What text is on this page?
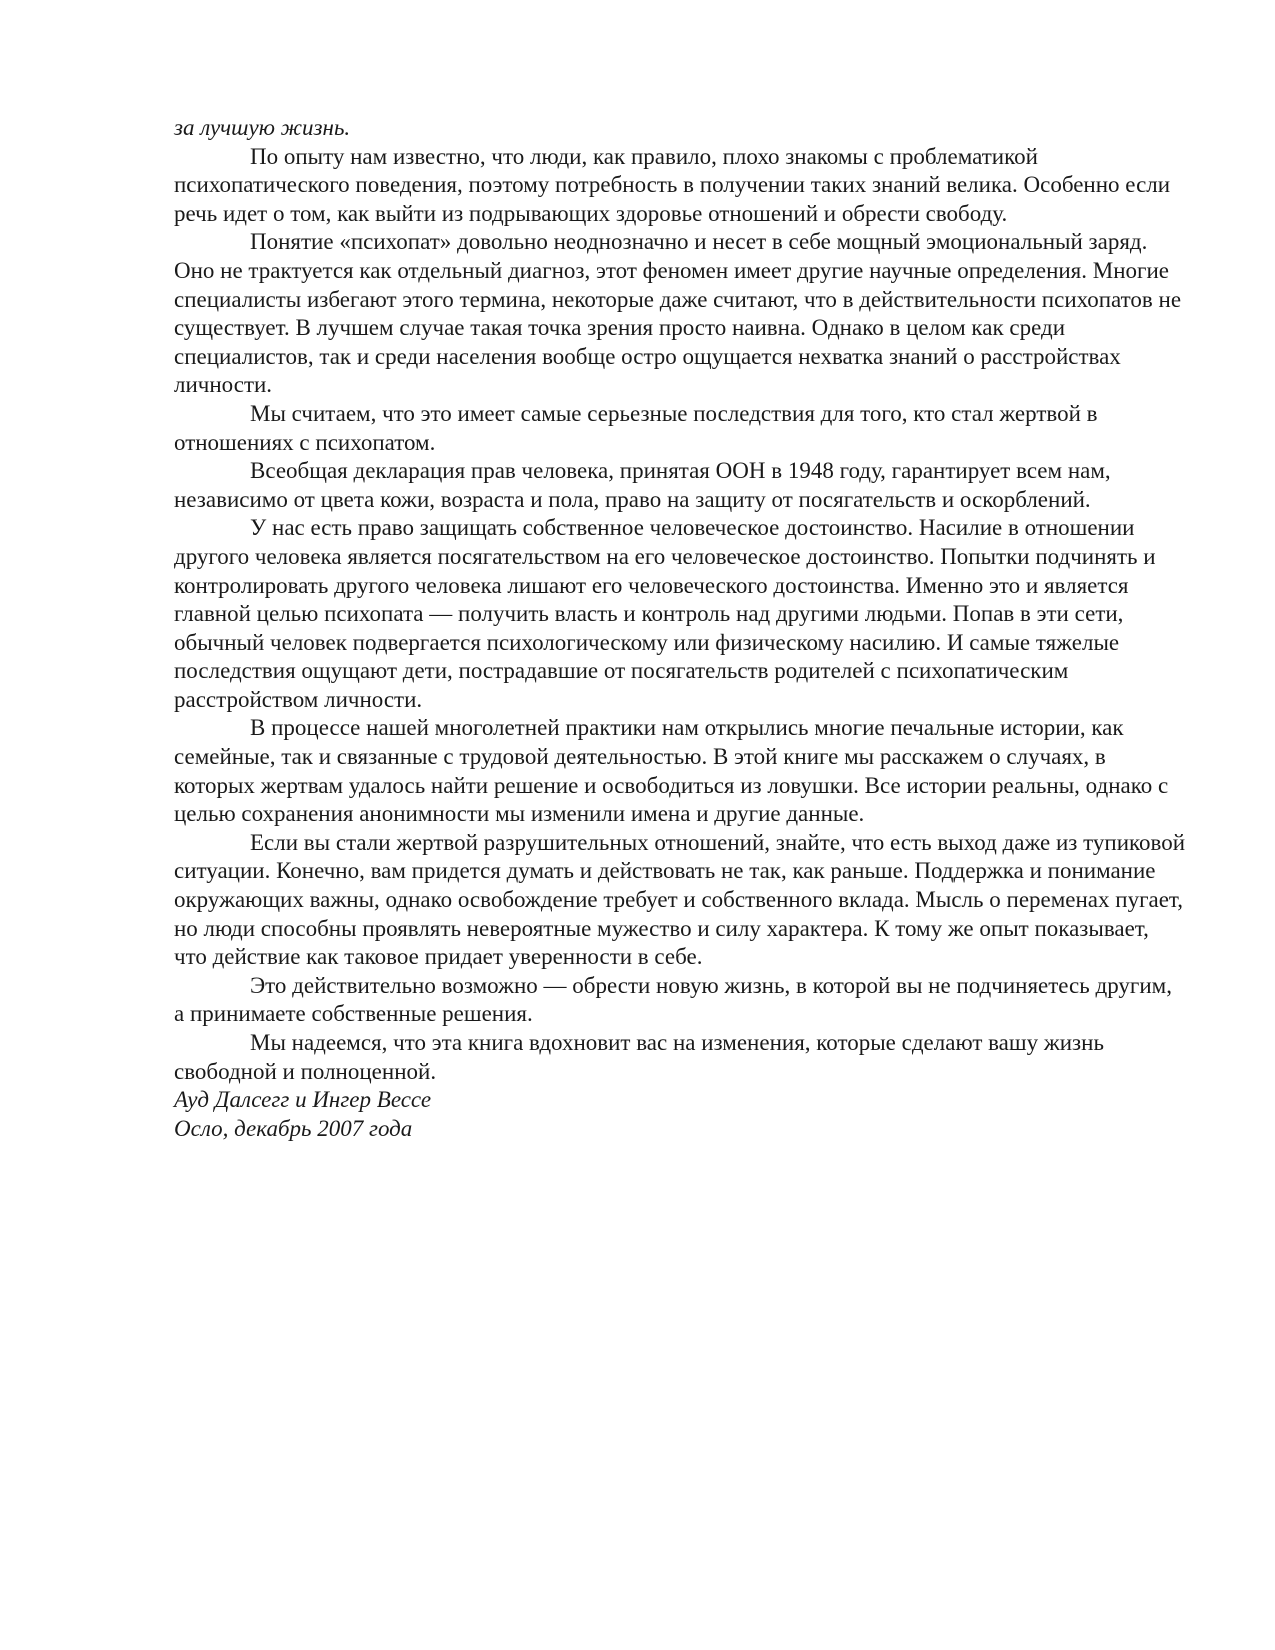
за лучшую жизнь.

По опыту нам известно, что люди, как правило, плохо знакомы с проблематикой психопатического поведения, поэтому потребность в получении таких знаний велика. Особенно если речь идет о том, как выйти из подрывающих здоровье отношений и обрести свободу.

Понятие «психопат» довольно неоднозначно и несет в себе мощный эмоциональный заряд. Оно не трактуется как отдельный диагноз, этот феномен имеет другие научные определения. Многие специалисты избегают этого термина, некоторые даже считают, что в действительности психопатов не существует. В лучшем случае такая точка зрения просто наивна. Однако в целом как среди специалистов, так и среди населения вообще остро ощущается нехватка знаний о расстройствах личности.

Мы считаем, что это имеет самые серьезные последствия для того, кто стал жертвой в отношениях с психопатом.

Всеобщая декларация прав человека, принятая ООН в 1948 году, гарантирует всем нам, независимо от цвета кожи, возраста и пола, право на защиту от посягательств и оскорблений.

У нас есть право защищать собственное человеческое достоинство. Насилие в отношении другого человека является посягательством на его человеческое достоинство. Попытки подчинять и контролировать другого человека лишают его человеческого достоинства. Именно это и является главной целью психопата — получить власть и контроль над другими людьми. Попав в эти сети, обычный человек подвергается психологическому или физическому насилию. И самые тяжелые последствия ощущают дети, пострадавшие от посягательств родителей с психопатическим расстройством личности.

В процессе нашей многолетней практики нам открылись многие печальные истории, как семейные, так и связанные с трудовой деятельностью. В этой книге мы расскажем о случаях, в которых жертвам удалось найти решение и освободиться из ловушки. Все истории реальны, однако с целью сохранения анонимности мы изменили имена и другие данные.

Если вы стали жертвой разрушительных отношений, знайте, что есть выход даже из тупиковой ситуации. Конечно, вам придется думать и действовать не так, как раньше. Поддержка и понимание окружающих важны, однако освобождение требует и собственного вклада. Мысль о переменах пугает, но люди способны проявлять невероятные мужество и силу характера. К тому же опыт показывает, что действие как таковое придает уверенности в себе.

Это действительно возможно — обрести новую жизнь, в которой вы не подчиняетесь другим, а принимаете собственные решения.

Мы надеемся, что эта книга вдохновит вас на изменения, которые сделают вашу жизнь свободной и полноценной.

Ауд Далсегг и Ингер Вессе

Осло, декабрь 2007 года
